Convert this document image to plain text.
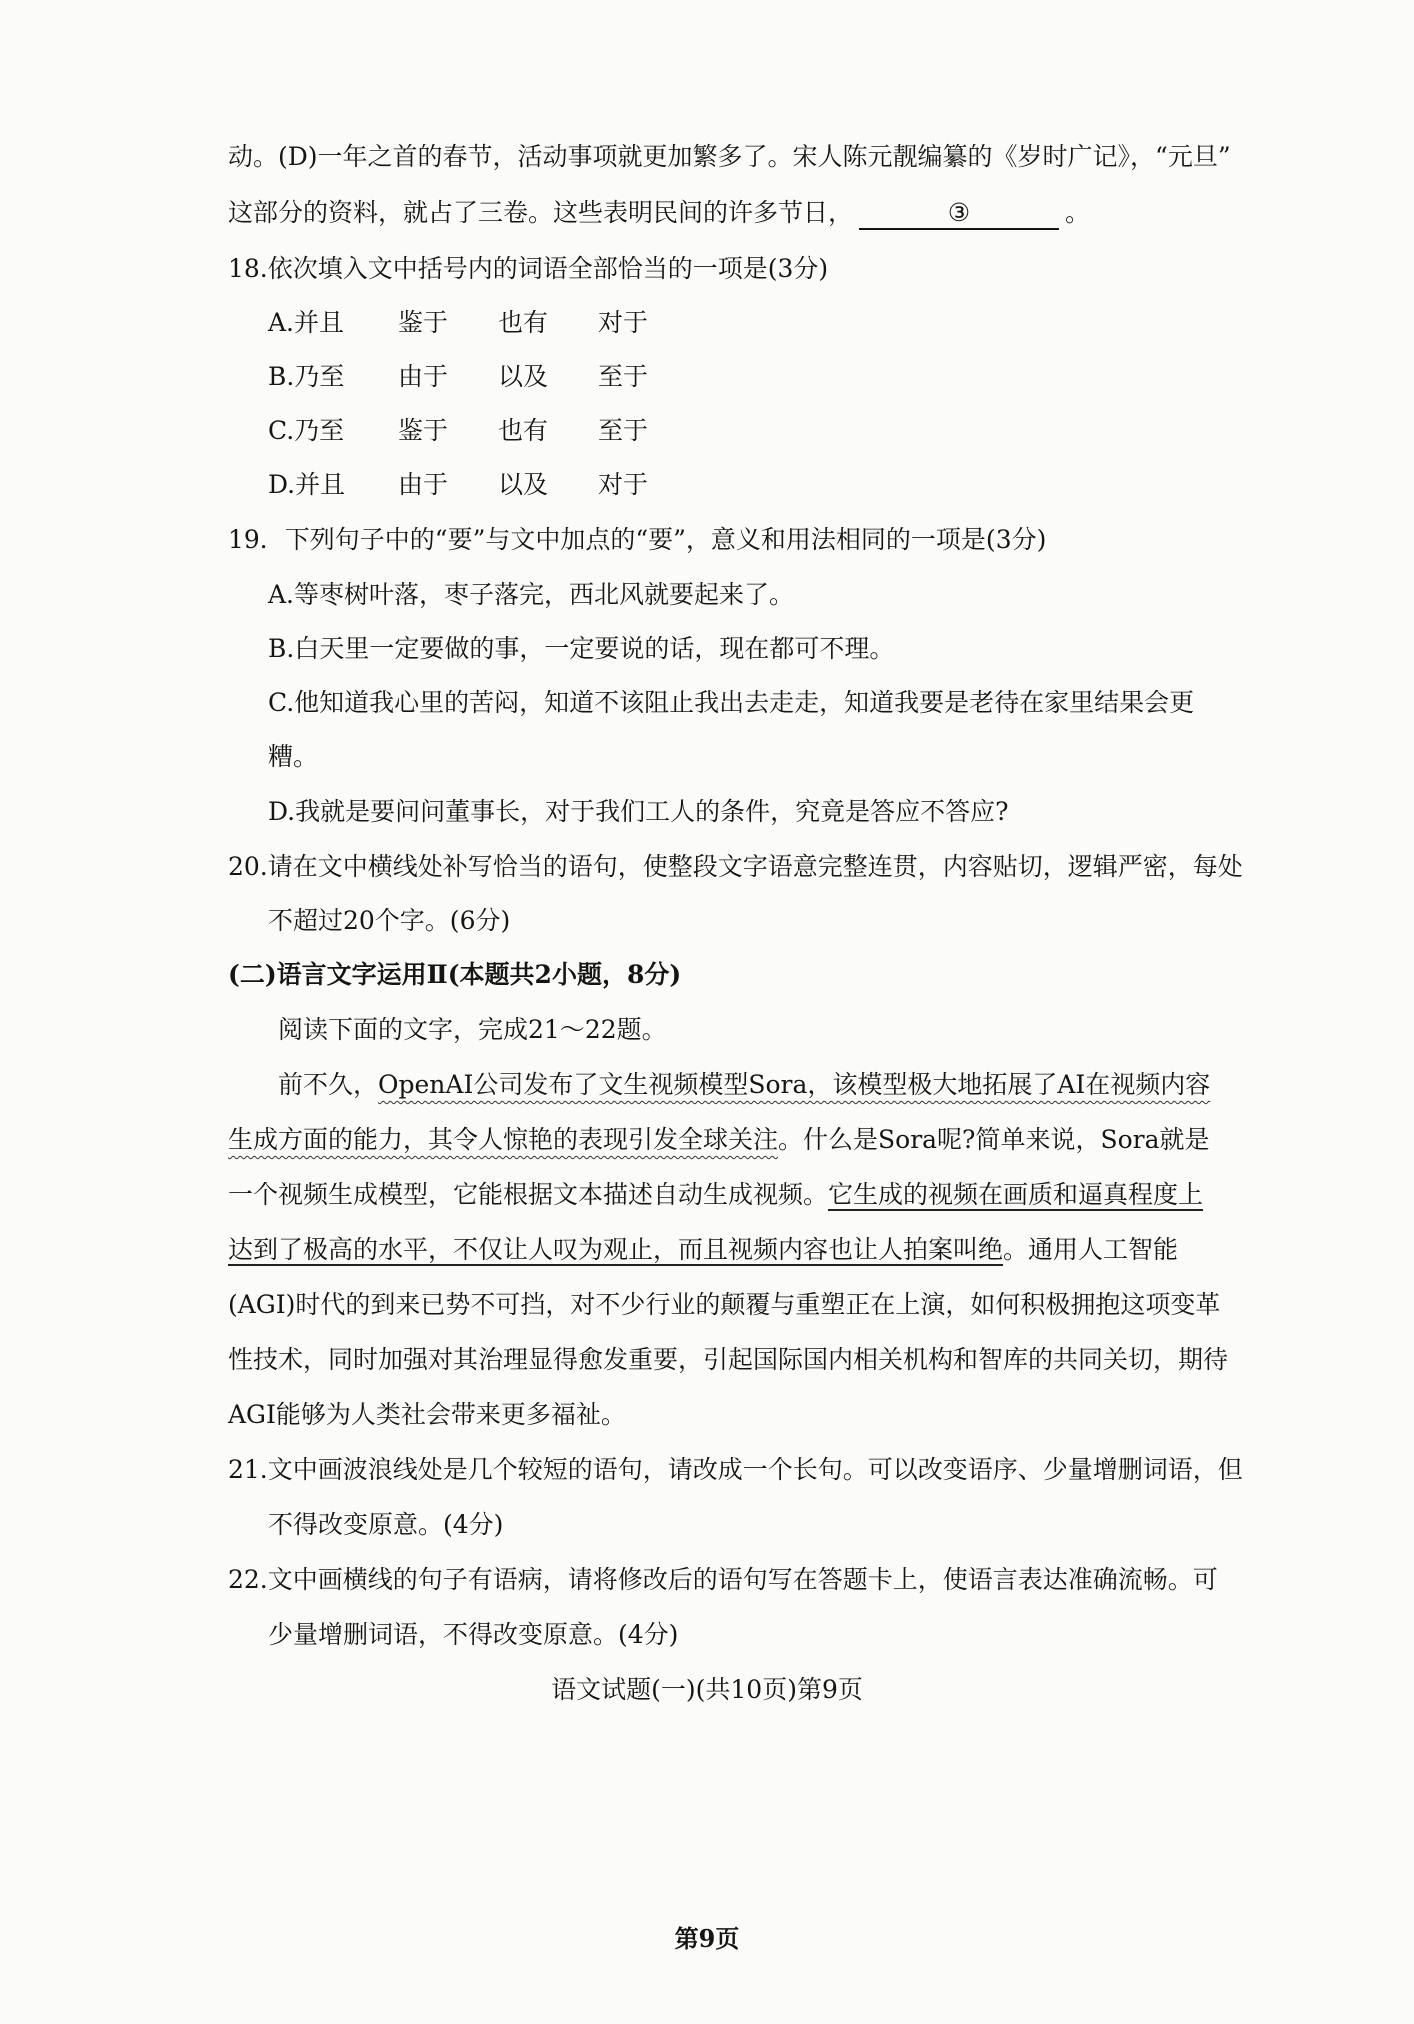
动。(D)一年之首的春节，活动事项就更加繁多了。宋人陈元靓编纂的《岁时广记》，“元旦”
这部分的资料，就占了三卷。这些表明民间的许多节日，	③	。
18.依次填入文中括号内的词语全部恰当的一项是(3分)
A.并且 鉴于 也有 对于
B.乃至 由于 以及 至于
C.乃至 鉴于 也有 至于
D.并且 由于 以及 对于
19．下列句子中的“要”与文中加点的“要”，意义和用法相同的一项是(3分)
A.等枣树叶落，枣子落完，西北风就要起来了。
B.白天里一定要做的事，一定要说的话，现在都可不理。
C.他知道我心里的苦闷，知道不该阻止我出去走走，知道我要是老待在家里结果会更
糟。
D.我就是要问问董事长，对于我们工人的条件，究竟是答应不答应?
20.请在文中横线处补写恰当的语句，使整段文字语意完整连贯，内容贴切，逻辑严密，每处
不超过20个字。(6分)
(二)语言文字运用Ⅱ(本题共2小题，8分)
阅读下面的文字，完成21～22题。
前不久，OpenAI公司发布了文生视频模型Sora，该模型极大地拓展了AI在视频内容
生成方面的能力，其令人惊艳的表现引发全球关注。什么是Sora呢?简单来说，Sora就是
一个视频生成模型，它能根据文本描述自动生成视频。它生成的视频在画质和逼真程度上
达到了极高的水平，不仅让人叹为观止，而且视频内容也让人拍案叫绝。通用人工智能
(AGI)时代的到来已势不可挡，对不少行业的颠覆与重塑正在上演，如何积极拥抱这项变革
性技术，同时加强对其治理显得愈发重要，引起国际国内相关机构和智库的共同关切，期待
AGI能够为人类社会带来更多福祉。
21.文中画波浪线处是几个较短的语句，请改成一个长句。可以改变语序、少量增删词语，但
不得改变原意。(4分)
22.文中画横线的句子有语病，请将修改后的语句写在答题卡上，使语言表达准确流畅。可
少量增删词语，不得改变原意。(4分)
语文试题(一)(共10页)第9页
第9页
